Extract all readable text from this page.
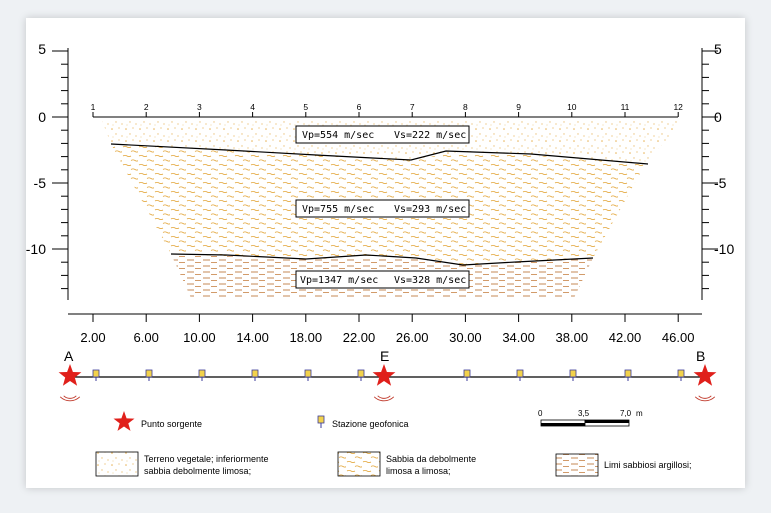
5
0
-5
-10
5
0
-5
-10
1	2	3	4	5	6	7	8	9	10	11	12
2.00 6.00 10.00 14.00 18.00 22.00 26.00 30.00 34.00 38.00 42.00 46.00
Vp=554 m/sec Vs=222 m/sec
Vp=755 m/sec Vs=293 m/sec
Vp=1347 m/sec Vs=328 m/sec
A	E	B
Punto sorgente	Stazione geofonica
0	3,5	7,0 m
Terreno vegetale; inferiormente
sabbia debolmente limosa;
Sabbia da debolmente
limosa a limosa;
Limi sabbiosi argillosi;
